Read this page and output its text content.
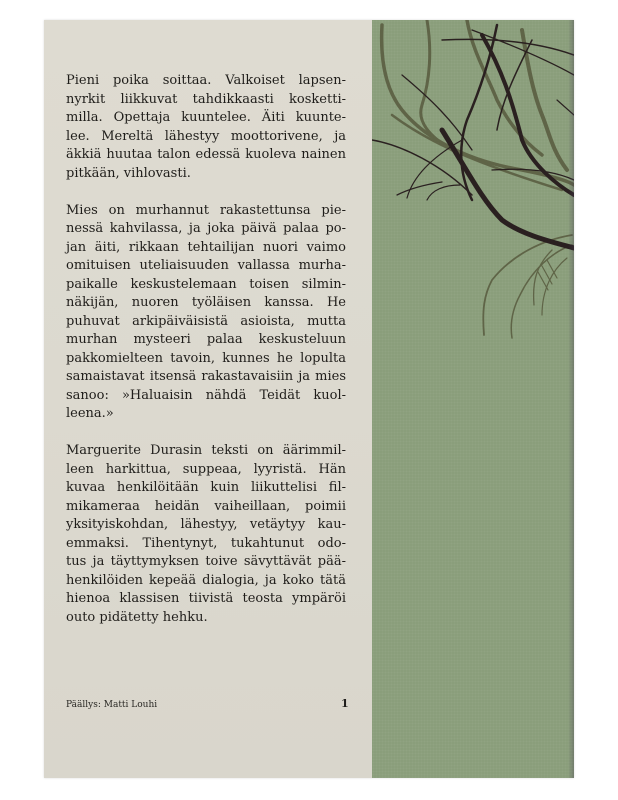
Pieni poika soittaa. Valkoiset lapsen-
nyrkit liikkuvat tahdikkaasti kosketti-
milla. Opettaja kuuntelee. Äiti kuunte-
lee. Mereltä lähestyy moottorivene, ja
äkkiä huutaa talon edessä kuoleva nainen
pitkään, vihlovasti.

Mies on murhannut rakastettunsa pie-
nessä kahvilassa, ja joka päivä palaa po-
jan äiti, rikkaan tehtailijan nuori vaimo
omituisen uteliaisuuden vallassa murha-
paikalle keskustelemaan toisen silmin-
näkijän, nuoren työläisen kanssa. He
puhuvat arkipäiväisistä asioista, mutta
murhan mysteeri palaa keskusteluun
pakkomielteen tavoin, kunnes he lopulta
samaistavat itsensä rakastavaisiin ja mies
sanoo: »Haluaisin nähdä Teidät kuol-
leena.»

Marguerite Durasin teksti on äärimmil-
leen harkittua, suppeaa, lyyristä. Hän
kuvaa henkilöitään kuin liikuttelisi fil-
mikameraa heidän vaiheillaan, poimii
yksityiskohdan, lähestyy, vetäytyy kau-
emmaksi. Tihentynyt, tukahtunut odo-
tus ja täyttymyksen toive sävyttävät pää-
henkilöiden kepeää dialogia, ja koko tätä
hienoa klassisen tiivistä teosta ympäröi
outo pidätetty hehku.

Päällys: Matti Louhi	1
